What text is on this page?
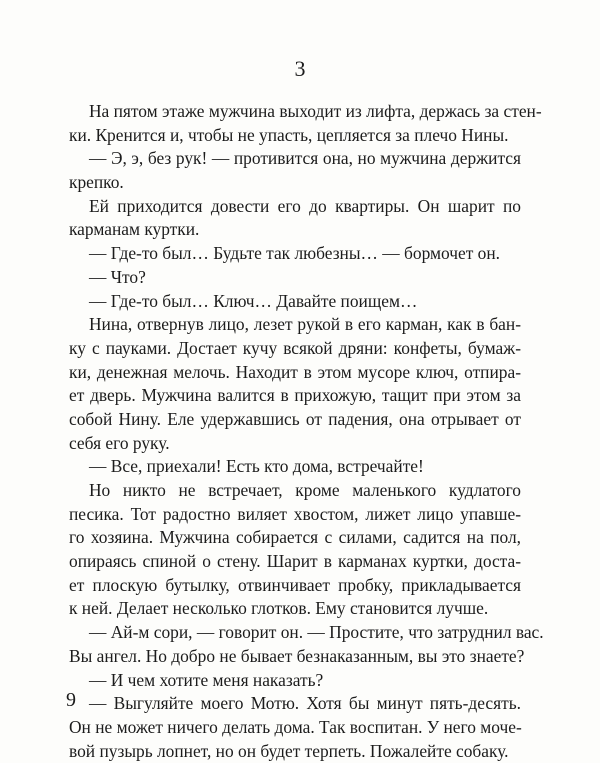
3
На пятом этаже мужчина выходит из лифта, держась за стен-
ки. Кренится и, чтобы не упасть, цепляется за плечо Нины.
— Э, э, без рук! — противится она, но мужчина держится
крепко.
Ей приходится довести его до квартиры. Он шарит по
карманам куртки.
— Где-то был… Будьте так любезны… — бормочет он.
— Что?
— Где-то был… Ключ… Давайте поищем…
Нина, отвернув лицо, лезет рукой в его карман, как в бан-
ку с пауками. Достает кучу всякой дряни: конфеты, бумаж-
ки, денежная мелочь. Находит в этом мусоре ключ, отпира-
ет дверь. Мужчина валится в прихожую, тащит при этом за
собой Нину. Еле удержавшись от падения, она отрывает от
себя его руку.
— Все, приехали! Есть кто дома, встречайте!
Но никто не встречает, кроме маленького кудлатого
песика. Тот радостно виляет хвостом, лижет лицо упавше-
го хозяина. Мужчина собирается с силами, садится на пол,
опираясь спиной о стену. Шарит в карманах куртки, доста-
ет плоскую бутылку, отвинчивает пробку, прикладывается
к ней. Делает несколько глотков. Ему становится лучше.
— Ай-м сори, — говорит он. — Простите, что затруднил вас.
Вы ангел. Но добро не бывает безнаказанным, вы это знаете?
— И чем хотите меня наказать?
— Выгуляйте моего Мотю. Хотя бы минут пять-десять.
Он не может ничего делать дома. Так воспитан. У него моче-
вой пузырь лопнет, но он будет терпеть. Пожалейте собаку.
9
